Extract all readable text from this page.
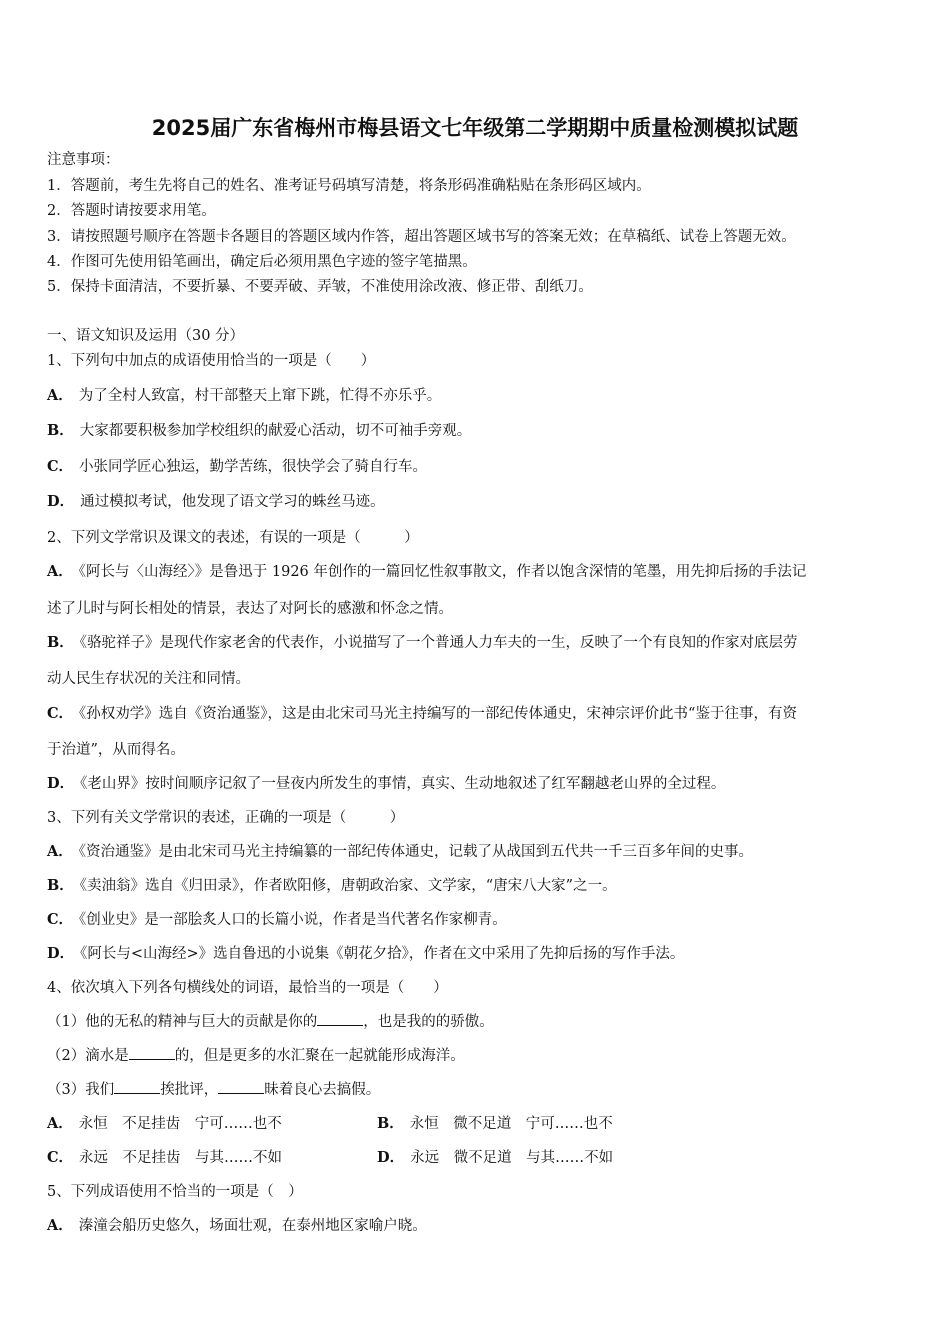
2025届广东省梅州市梅县语文七年级第二学期期中质量检测模拟试题
注意事项：
1．答题前，考生先将自己的姓名、准考证号码填写清楚，将条形码准确粘贴在条形码区域内。
2．答题时请按要求用笔。
3．请按照题号顺序在答题卡各题目的答题区域内作答，超出答题区域书写的答案无效；在草稿纸、试卷上答题无效。
4．作图可先使用铅笔画出，确定后必须用黑色字迹的签字笔描黑。
5．保持卡面清洁，不要折暴、不要弄破、弄皱，不准使用涂改液、修正带、刮纸刀。
一、语文知识及运用（30 分）
1、下列句中加点的成语使用恰当的一项是（　　）
A． 为了全村人致富，村干部整天上窜下跳，忙得不亦乐乎。
B． 大家都要积极参加学校组织的献爱心活动，切不可袖手旁观。
C． 小张同学匠心独运，勤学苦练，很快学会了骑自行车。
D． 通过模拟考试，他发现了语文学习的蛛丝马迹。
2、下列文学常识及课文的表述，有误的一项是（　　　）
A． 《阿长与〈山海经〉》是鲁迅于 1926 年创作的一篇回忆性叙事散文，作者以饱含深情的笔墨，用先抑后扬的手法记
述了儿时与阿长相处的情景，表达了对阿长的感激和怀念之情。
B． 《骆驼祥子》是现代作家老舍的代表作，小说描写了一个普通人力车夫的一生，反映了一个有良知的作家对底层劳
动人民生存状况的关注和同情。
C． 《孙权劝学》选自《资治通鉴》，这是由北宋司马光主持编写的一部纪传体通史，宋神宗评价此书“鉴于往事，有资
于治道”，从而得名。
D． 《老山界》按时间顺序记叙了一昼夜内所发生的事情，真实、生动地叙述了红军翻越老山界的全过程。
3、下列有关文学常识的表述，正确的一项是（　　　）
A． 《资治通鉴》是由北宋司马光主持编纂的一部纪传体通史，记载了从战国到五代共一千三百多年间的史事。
B． 《卖油翁》选自《归田录》，作者欧阳修，唐朝政治家、文学家，“唐宋八大家”之一。
C． 《创业史》是一部脍炙人口的长篇小说，作者是当代著名作家柳青。
D． 《阿长与<山海经>》选自鲁迅的小说集《朝花夕拾》，作者在文中采用了先抑后扬的写作手法。
4、依次填入下列各句横线处的词语，最恰当的一项是（　　）
（1）他的无私的精神与巨大的贡献是你的	，也是我的的骄傲。
（2）滴水是	的，但是更多的水汇聚在一起就能形成海洋。
（3）我们	挨批评，	昧着良心去搞假。
A． 永恒　不足挂齿　宁可……也不	B． 永恒　微不足道　宁可……也不
C． 永远　不足挂齿　与其……不如	D． 永远　微不足道　与其……不如
5、下列成语使用不恰当的一项是（　）
A． 溱潼会船历史悠久，场面壮观，在泰州地区家喻户晓。
